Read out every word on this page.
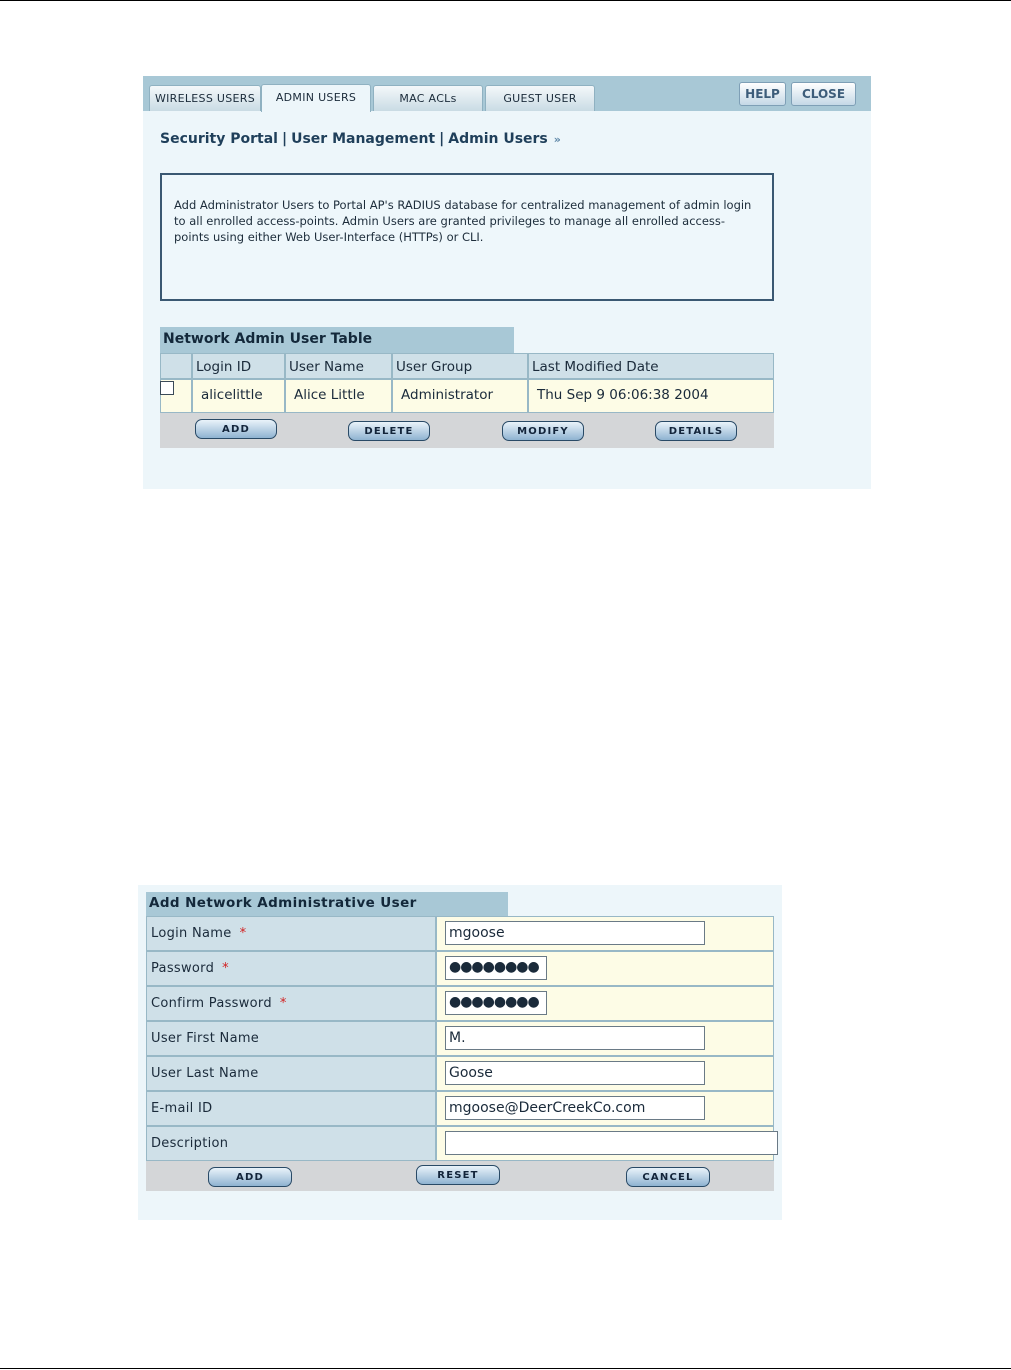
WIRELESS USERS	ADMIN USERS	MAC ACLs	GUEST USER	HELP	CLOSE
Security Portal | User Management | Admin Users »
Add Administrator Users to Portal AP's RADIUS database for centralized management of admin login to all enrolled access-points. Admin Users are granted privileges to manage all enrolled access-points using either Web User-Interface (HTTPs) or CLI.
Network Admin User Table
Login ID	User Name	User Group	Last Modified Date
alicelittle	Alice Little	Administrator	Thu Sep 9 06:06:38 2004
ADD	DELETE	MODIFY	DETAILS
Add Network Administrative User
Login Name *	mgoose
Password *	●●●●●●●●
Confirm Password *	●●●●●●●●
User First Name	M.
User Last Name	Goose
E-mail ID	mgoose@DeerCreekCo.com
Description
ADD	RESET	CANCEL
